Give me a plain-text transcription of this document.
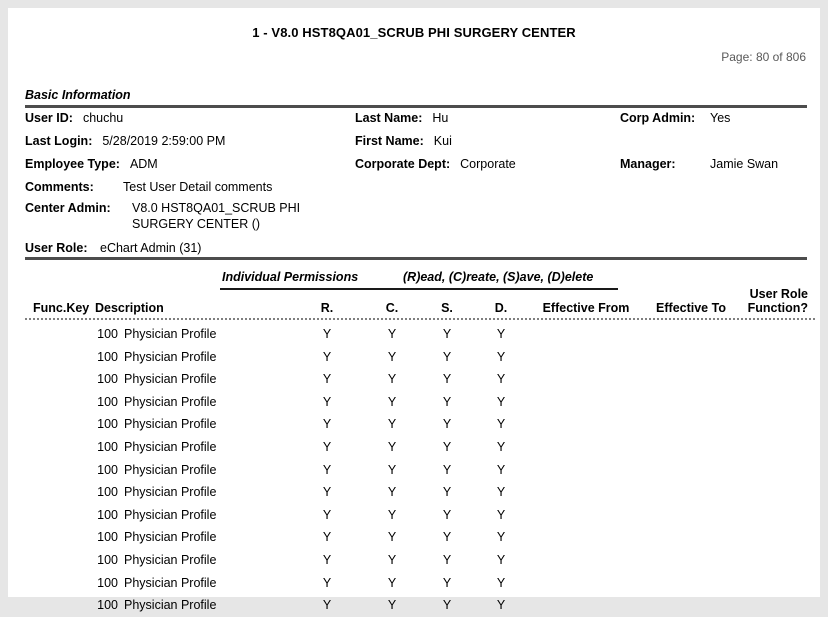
1 - V8.0 HST8QA01_SCRUB PHI SURGERY CENTER
Page: 80 of 806
Basic Information
User ID: chuchu	Last Name: Hu	Corp Admin: Yes
Last Login: 5/28/2019 2:59:00 PM	First Name: Kui
Employee Type: ADM	Corporate Dept: Corporate	Manager:	Jamie Swan
Comments: Test User Detail comments
Center Admin:	V8.0 HST8QA01_SCRUB PHI
SURGERY CENTER ()
User Role: eChart Admin (31)
Individual Permissions	(R)ead, (C)reate, (S)ave, (D)elete
User Role
Func.Key Description	R.	C.	S.	D.	Effective From	Effective To	Function?
100 Physician Profile	Y	Y	Y	Y
100 Physician Profile	Y	Y	Y	Y
100 Physician Profile	Y	Y	Y	Y
100 Physician Profile	Y	Y	Y	Y
100 Physician Profile	Y	Y	Y	Y
100 Physician Profile	Y	Y	Y	Y
100 Physician Profile	Y	Y	Y	Y
100 Physician Profile	Y	Y	Y	Y
100 Physician Profile	Y	Y	Y	Y
100 Physician Profile	Y	Y	Y	Y
100 Physician Profile	Y	Y	Y	Y
100 Physician Profile	Y	Y	Y	Y
100 Physician Profile	Y	Y	Y	Y
